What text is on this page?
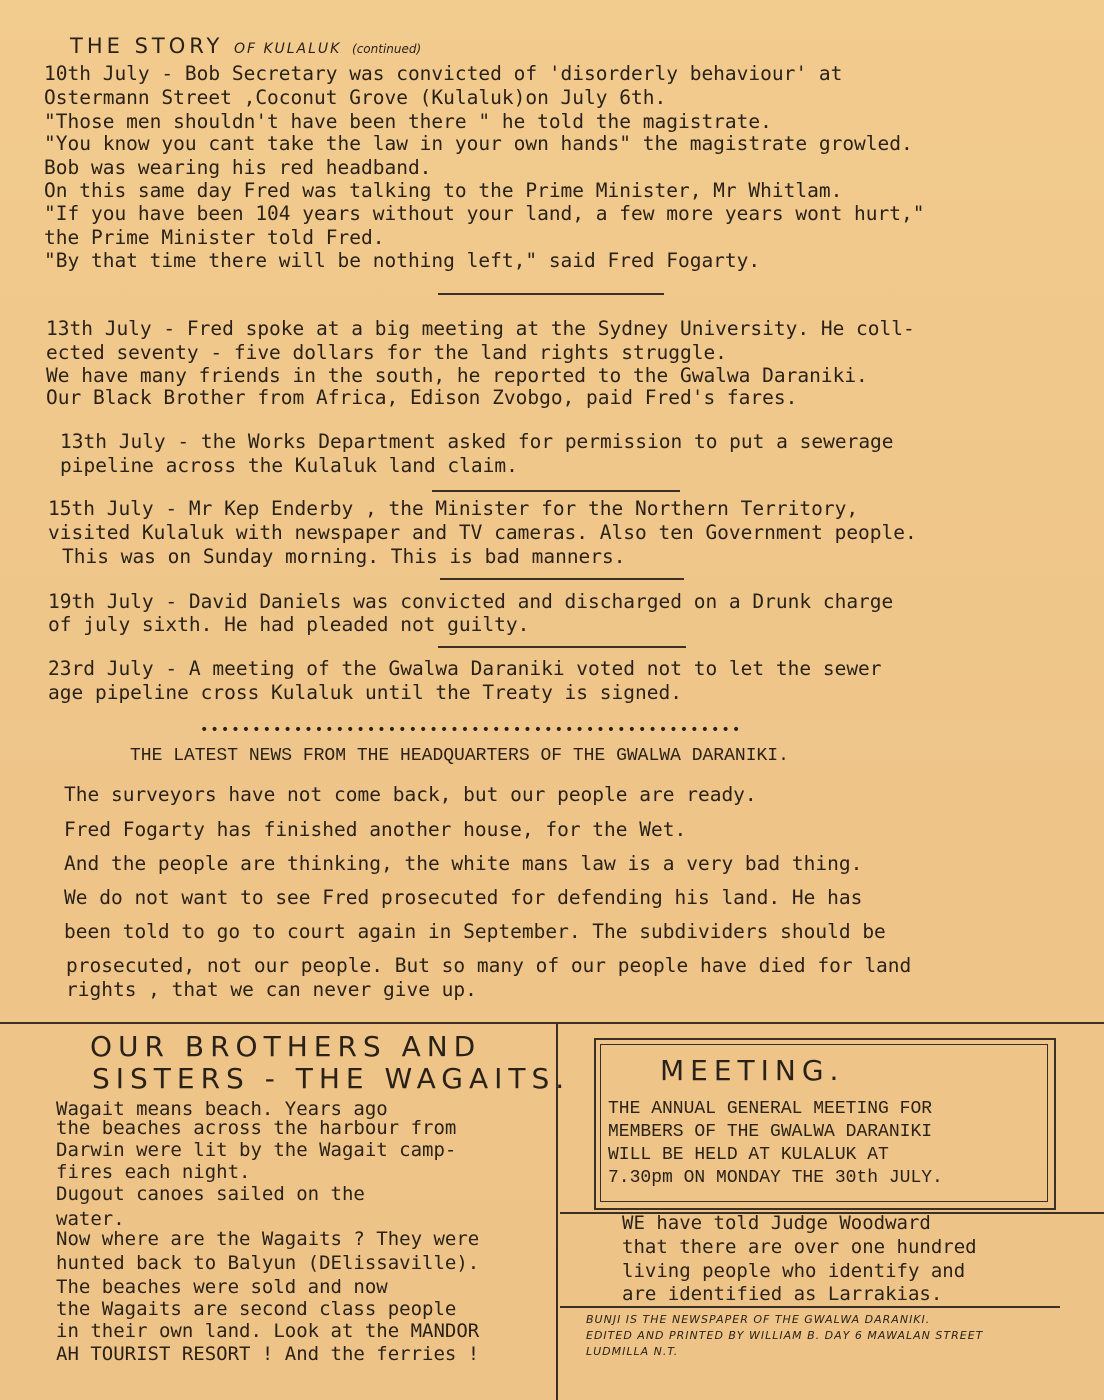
THE STORY OF KULALUK (continued)
10th July - Bob Secretary was convicted of 'disorderly behaviour' at
Ostermann Street ,Coconut Grove (Kulaluk)on July 6th.
"Those men shouldn't have been there " he told the magistrate.
"You know you cant take the law in your own hands" the magistrate growled.
Bob was wearing his red headband.
On this same day Fred was talking to the Prime Minister, Mr Whitlam.
"If you have been 104 years without your land, a few more years wont hurt,"
the Prime Minister told Fred.
"By that time there will be nothing left," said Fred Fogarty.
13th July - Fred spoke at a big meeting at the Sydney University. He coll-
ected seventy - five dollars for the land rights struggle.
We have many friends in the south, he reported to the Gwalwa Daraniki.
Our Black Brother from Africa, Edison Zvobgo, paid Fred's fares.
13th July - the Works Department asked for permission to put a sewerage
pipeline across the Kulaluk land claim.
15th July - Mr Kep Enderby , the Minister for the Northern Territory,
visited Kulaluk with newspaper and TV cameras. Also ten Government people.
This was on Sunday morning. This is bad manners.
19th July - David Daniels was convicted and discharged on a Drunk charge
of july sixth. He had pleaded not guilty.
23rd July - A meeting of the Gwalwa Daraniki voted not to let the sewer
age pipeline cross Kulaluk until the Treaty is signed.
••••••••••••••••••••••••••••••••••••••••••••••••••••
THE LATEST NEWS FROM THE HEADQUARTERS OF THE GWALWA DARANIKI.
The surveyors have not come back, but our people are ready.
Fred Fogarty has finished another house, for the Wet.
And the people are thinking, the white mans law is a very bad thing.
We do not want to see Fred prosecuted for defending his land. He has
been told to go to court again in September. The subdividers should be
prosecuted, not our people. But so many of our people have died for land
rights , that we can never give up.
OUR BROTHERS AND
SISTERS - THE WAGAITS.
Wagait means beach. Years ago
the beaches across the harbour from
Darwin were lit by the Wagait camp-
fires each night.
Dugout canoes sailed on the
water.
Now where are the Wagaits ? They were
hunted back to Balyun (DElissaville).
The beaches were sold and now
the Wagaits are second class people
in their own land. Look at the MANDOR
AH TOURIST RESORT ! And the ferries !
MEETING.
THE ANNUAL GENERAL MEETING FOR
MEMBERS OF THE GWALWA DARANIKI
WILL BE HELD AT KULALUK AT
7.30pm ON MONDAY THE 30th JULY.
WE have told Judge Woodward
that there are over one hundred
living people who identify and
are identified as Larrakias.
BUNJI IS THE NEWSPAPER OF THE GWALWA DARANIKI.
EDITED AND PRINTED BY WILLIAM B. DAY 6 MAWALAN STREET
LUDMILLA N.T.
